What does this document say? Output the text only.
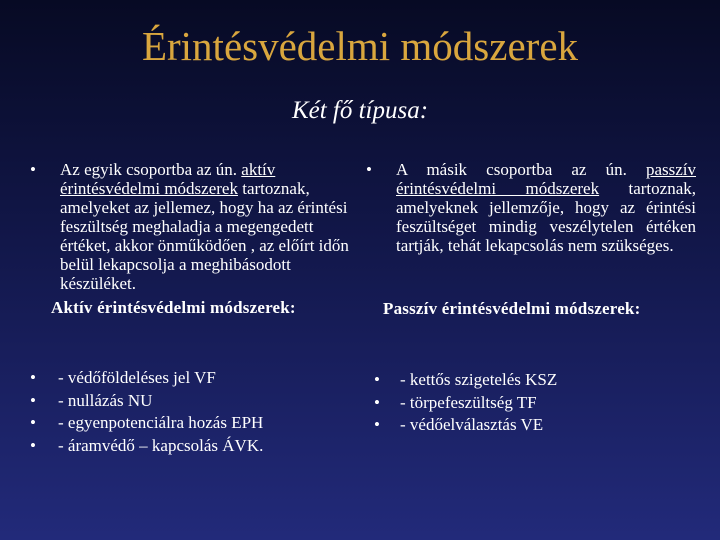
Érintésvédelmi módszerek
Két fő típusa:
•	Az egyik csoportba az ún. aktív érintésvédelmi módszerek tartoznak, amelyeket az jellemez, hogy ha az érintési feszültség meghaladja a megengedett értéket, akkor önműködően , az előírt időn belül lekapcsolja a meghibásodott készüléket.
Aktív érintésvédelmi módszerek:
•	A másik csoportba az ún. passzív érintésvédelmi módszerek tartoznak, amelyeknek jellemzője, hogy az érintési feszültséget mindig veszélytelen értéken tartják, tehát lekapcsolás nem szükséges.
Passzív érintésvédelmi módszerek:
•	- védőföldeléses jel VF
•	- nullázás NU
•	- egyenpotenciálra hozás EPH
•	- áramvédő – kapcsolás ÁVK.
•	- kettős szigetelés KSZ
•	- törpefeszültség TF
•	- védőelválasztás VE
